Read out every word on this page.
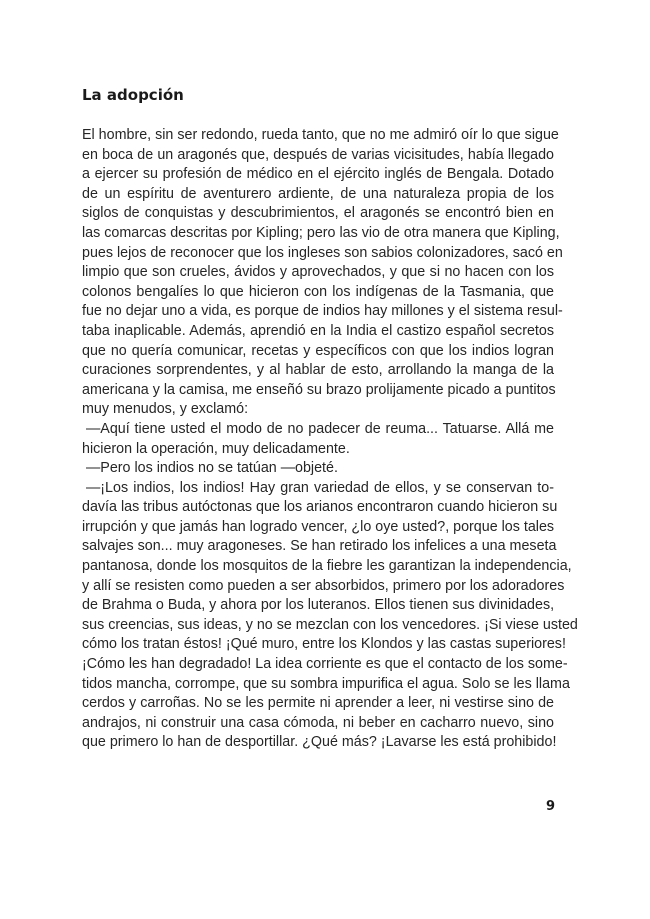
La adopción
El hombre, sin ser redondo, rueda tanto, que no me admiró oír lo que sigue
en boca de un aragonés que, después de varias vicisitudes, había llegado
a ejercer su profesión de médico en el ejército inglés de Bengala. Dotado
de un espíritu de aventurero ardiente, de una naturaleza propia de los
siglos de conquistas y descubrimientos, el aragonés se encontró bien en
las comarcas descritas por Kipling; pero las vio de otra manera que Kipling,
pues lejos de reconocer que los ingleses son sabios colonizadores, sacó en
limpio que son crueles, ávidos y aprovechados, y que si no hacen con los
colonos bengalíes lo que hicieron con los indígenas de la Tasmania, que
fue no dejar uno a vida, es porque de indios hay millones y el sistema resul-
taba inaplicable. Además, aprendió en la India el castizo español secretos
que no quería comunicar, recetas y específicos con que los indios logran
curaciones sorprendentes, y al hablar de esto, arrollando la manga de la
americana y la camisa, me enseñó su brazo prolijamente picado a puntitos
muy menudos, y exclamó:
—Aquí tiene usted el modo de no padecer de reuma... Tatuarse. Allá me
hicieron la operación, muy delicadamente.
—Pero los indios no se tatúan —objeté.
—¡Los indios, los indios! Hay gran variedad de ellos, y se conservan to-
davía las tribus autóctonas que los arianos encontraron cuando hicieron su
irrupción y que jamás han logrado vencer, ¿lo oye usted?, porque los tales
salvajes son... muy aragoneses. Se han retirado los infelices a una meseta
pantanosa, donde los mosquitos de la fiebre les garantizan la independencia,
y allí se resisten como pueden a ser absorbidos, primero por los adoradores
de Brahma o Buda, y ahora por los luteranos. Ellos tienen sus divinidades,
sus creencias, sus ideas, y no se mezclan con los vencedores. ¡Si viese usted
cómo los tratan éstos! ¡Qué muro, entre los Klondos y las castas superiores!
¡Cómo les han degradado! La idea corriente es que el contacto de los some-
tidos mancha, corrompe, que su sombra impurifica el agua. Solo se les llama
cerdos y carroñas. No se les permite ni aprender a leer, ni vestirse sino de
andrajos, ni construir una casa cómoda, ni beber en cacharro nuevo, sino
que primero lo han de desportillar. ¿Qué más? ¡Lavarse les está prohibido!
9
